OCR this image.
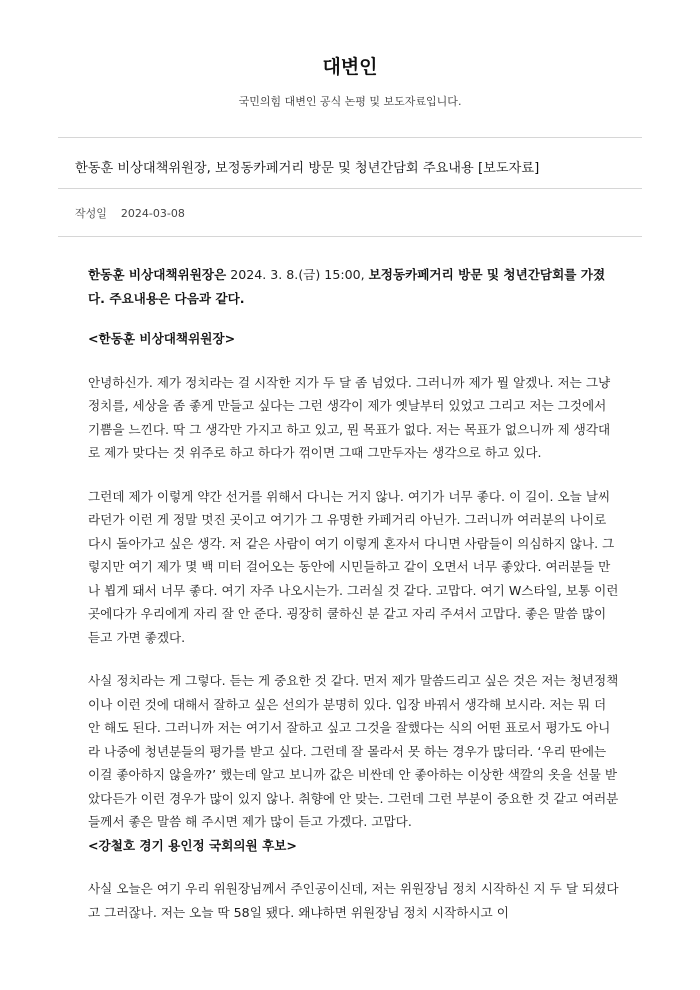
대변인
국민의힘 대변인 공식 논평 및 보도자료입니다.
한동훈 비상대책위원장, 보정동카페거리 방문 및 청년간담회 주요내용 [보도자료]
작성일 2024-03-08

한동훈 비상대책위원장은 2024. 3. 8.(금) 15:00, 보정동카페거리 방문 및 청년간담회를 가졌다. 주요내용은 다음과 같다.

<한동훈 비상대책위원장>

안녕하신가. 제가 정치라는 걸 시작한 지가 두 달 좀 넘었다. 그러니까 제가 뭘 알겠나. 저는 그냥 정치를, 세상을 좀 좋게 만들고 싶다는 그런 생각이 제가 옛날부터 있었고 그리고 저는 그것에서 기쁨을 느낀다. 딱 그 생각만 가지고 하고 있고, 뭔 목표가 없다. 저는 목표가 없으니까 제 생각대로 제가 맞다는 것 위주로 하고 하다가 꺾이면 그때 그만두자는 생각으로 하고 있다.

그런데 제가 이렇게 약간 선거를 위해서 다니는 거지 않나. 여기가 너무 좋다. 이 길이. 오늘 날씨라던가 이런 게 정말 멋진 곳이고 여기가 그 유명한 카페거리 아닌가. 그러니까 여러분의 나이로 다시 돌아가고 싶은 생각. 저 같은 사람이 여기 이렇게 혼자서 다니면 사람들이 의심하지 않나. 그렇지만 여기 제가 몇 백 미터 걸어오는 동안에 시민들하고 같이 오면서 너무 좋았다. 여러분들 만나 뵙게 돼서 너무 좋다. 여기 자주 나오시는가. 그러실 것 같다. 고맙다. 여기 W스타일, 보통 이런 곳에다가 우리에게 자리 잘 안 준다. 굉장히 쿨하신 분 같고 자리 주셔서 고맙다. 좋은 말씀 많이 듣고 가면 좋겠다.

사실 정치라는 게 그렇다. 듣는 게 중요한 것 같다. 먼저 제가 말씀드리고 싶은 것은 저는 청년정책이나 이런 것에 대해서 잘하고 싶은 선의가 분명히 있다. 입장 바꿔서 생각해 보시라. 저는 뭐 더 안 해도 된다. 그러니까 저는 여기서 잘하고 싶고 그것을 잘했다는 식의 어떤 표로서 평가도 아니라 나중에 청년분들의 평가를 받고 싶다. 그런데 잘 몰라서 못 하는 경우가 많더라. ‘우리 딴에는 이걸 좋아하지 않을까?’ 했는데 알고 보니까 값은 비싼데 안 좋아하는 이상한 색깔의 옷을 선물 받았다든가 이런 경우가 많이 있지 않나. 취향에 안 맞는. 그런데 그런 부분이 중요한 것 같고 여러분들께서 좋은 말씀 해 주시면 제가 많이 듣고 가겠다. 고맙다.

<강철호 경기 용인정 국회의원 후보>

사실 오늘은 여기 우리 위원장님께서 주인공이신데, 저는 위원장님 정치 시작하신 지 두 달 되셨다고 그러잖나. 저는 오늘 딱 58일 됐다. 왜냐하면 위원장님 정치 시작하시고 이
